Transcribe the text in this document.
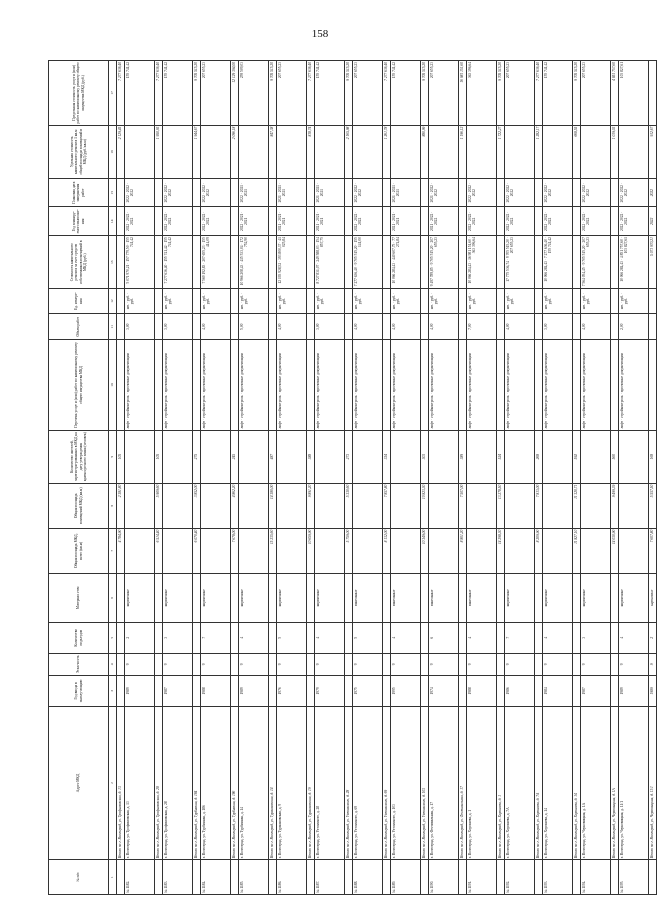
158
№ п/п	Адрес МКД	Год ввода в эксплу-атацию	Этаж-ность	Количество подъездов	Материал стен	Общая площадь МКД, всего (кв.м)	Общая площадь помещений МКД (кв.м)	Количество жителей, зарегистри-рованных в МКД на дату утверждения краткосрочного плана (человек)	Перечень услуг и (или) работ по капитальному ремонту общего имущества МКД	Объем работ	Ед. измере-ния	Стоимость капитального ремонта за счет средств собственников помещений в МКД (руб.)	Год планиру-емого выполне-ния	Плановая дата завершения работ	Удельная стоимость капитального ремонта 1 кв.м общей площади помещений в МКД (руб./кв.м)	Предельная стоимость услуг и (или) работ по капитальному ремонту общего имущества МКД (руб.)
1	2	3	4	5	6	7	8	9	10	11	12	13	14	15	16	17
	Итого по г. Волгоград, ул. Трофимовская, д. 13					4 784,90	2 381,80	105							2 129,45	7 277 636,40
№ 1182.	г. Волгоград, ул. Трофимовская, д. 13	1989	9	2	кирпичные				лифт · стройконтроль · проектные документации	3,00	шт. · руб. · руб.	5 071 970,21 · 157 779,50 · 155 741,42	2022 · 2022 · 2022	2022 · 2022 · 2022		155 741,42
	Итого по г. Волгоград, ул. Трофимовская, д. 28					6 514,40	5 909,60	105							1 950,93	7 277 636,40
№ 1183.	г. Волгоград, ул. Трофимовская, д. 28	1987	9	3	кирпичные				лифт · стройконтроль · проектные документации	3,00	шт. · руб. · руб.	7 277 636,40 · 155 741,42 · 155 741,42	2022 · 2022 · 2022	2022 · 2022 · 2022		155 741,42
	Итого по г. Волгоград, ул. Турбинная, д. 184					6 070,40	3 852,00	275							1 944,67	9 705 515,20
№ 1184.	г. Волгоград, ул. Турбинная, д. 186	1988	9	7	кирпичные				лифт · стройконтроль · проектные документации	4,00	шт. · руб. · руб.	7 569 192,83 · 207 655,23 · 155 414,09	2022 · 2022 · 2022	2022 · 2022 · 2022		207 655,23
	Итого по г. Волгоград, ул. Турбинная, д. 186					7 678,00	4 862,20	245							2 096,18	12 129 394,00
№ 1185.	г. Волгоград, ул. Турбинная, д. 14	1989	9	4	кирпичные				лифт · стройконтроль · проектные документации	5,00	шт. · руб. · руб.	10 966 208,43 · 415 533,04 · 172 752,90	2022 · 2021 · 2021	2022 · 2021 · 2021		259 509,03
	Итого по г. Волгоград, ул. Турмановская, д. 14					15 235,60	14 380,00	487							847,38	9 705 515,20
№ 1186.	г. Волгоград, ул. Турмановская, д. 9	1976	9	5	кирпичные				лифт · стройконтроль · проектные документации	4,00	шт. · руб. · руб.	12 193 928,52 · 393 800,37 · 41 025,84	2021 · 2021 · 2021	2021 · 2021 · 2021		207 655,23
	Итого по г. Волгоград, ул. Турмановская, д. 19					10 659,90	9 891,20	388							818,74	7 277 636,40
№ 1187.	г. Волгоград, ул. Ухтомского, д. 28	1979	9	4	кирпичные				лифт · стройконтроль · проектные документации	3,00	шт. · руб. · руб.	8 727 831,07 · 249 588,03 · 154 857,75	2021 · 2021 · 2021	2021 · 2021 · 2021		155 741,42
	Итого по г. Волгоград, ул. Ухтомского, д. 28					5 759,00	5 330,60	273							2 165,98	9 705 515,20
№ 1188.	г. Волгоград, ул. Ухтомского, д. 69	1975	9	5	панельные				лифт · стройконтроль · проектные документации	4,00	шт. · руб. · руб.	7 277 636,40 · 9 705 515,20 · 155 141,00	2022 · 2022 · 2022	2022 · 2022 · 2022		207 655,23
	Итого по г. Волгоград, ул. Ухтомского, д. 69					8 132,00	7 857,80	334							1 261,78	7 277 636,40
№ 1189.	г. Волгоград, ул. Ухтомского, д. 103	1995	9	4	панельные				лифт · стройконтроль · проектные документации	4,00	шт. · руб. · руб.	10 066 284,43 · 440 607,75 · 77 274,84	2021 · 2021 · 2021	2021 · 2021 · 2021		155 741,42
	Итого по г. Волгоград, ул. Ухтомского, д. 103					10 349,00	10 823,30	303							880,99	9 705 515,20
№ 1190.	г. Волгоград, ул. Фестивальная, д. 17	1974	9	6	панельные				лифт · стройконтроль · проектные документации	4,00	шт. · руб. · руб.	9 497 789,85 · 9 705 515,20 · 207 655,23	2021 · 2022 · 2022	2021 · 2022 · 2022		207 655,23
	Итого по г. Волгоград, ул. Фестивальная, д. 17					8 801,20	7 507,00	389							1 196,12	16 981 151,60
№ 1191.	г. Волгоград, ул. Хорошева, д. 1	1988	9	4	панельные				лифт · стройконтроль · проектные документации	7,00	шт. · руб. · руб.	10 066 284,43 · 16 981 151,60 · 363 396,64	2022 · 2022 · 2022	2022 · 2022 · 2022		363 396,64
	Итого по г. Волгоград, ул. Хорошева, д. 1					14 298,30	13 278,50	524							1 722,27	9 705 515,20
№ 1192.	г. Волгоград, ул. Хорошева, д. 7А	1986	9	7	кирпичные				лифт · стройконтроль · проектные документации	4,00	шт. · руб. · руб.	17 775 536,74 · 9 705 515,20 · 207 655,23	2022 · 2022 · 2022	2022 · 2022 · 2022		207 655,23
	Итого по г. Волгоград, ул. Хорошева, д. 7А					8 209,90	7 813,00	268							1 282,17	7 277 636,40
№ 1193.	г. Волгоград, ул. Хорошева, д. 14	1984	9	4	кирпичные				лифт · стройконтроль · проектные документации	3,00	шт. · руб. · руб.	10 066 284,43 · 7 277 636,40 · 155 741,42	2022 · 2022 · 2022	2022 · 2022 · 2022		155 741,42
	Итого по г. Волгоград, ул. Хорошева, д. 14					11 827,10	11 320,71	592							668,55	9 705 515,20
№ 1194.	г. Волгоград, ул. Черновицкая, д. 1А	1987	9	3	кирпичные				лифт · стройконтроль · проектные документации	4,00	шт. · руб. · руб.	7 564 054,45 · 9 705 515,20 · 207 655,23	2022 · 2022 · 2022	2022 · 2022 · 2022		207 655,23
	Итого по г. Волгоград, ул. Черновицкая, д. 1А					14 030,90	9 499,39	560							1 019,03	4 851 757,60
№ 1195.	г. Волгоград, ул. Черновицкая, д. 11/1	1989	9	4	кирпичные				лифт · стройконтроль · проектные документации	2,00	шт. · руб. · руб.	10 066 284,43 · 4 851 757,60 · 103 827,61	2022 · 2022 · 2022	2022 · 2022 · 2022		103 827,61
	Итого по г. Волгоград, ул. Черновицкая, д. 11/1	1989	9	2	кирпичные	7 607,80	5 557,50	168				5 071 970,21	2022	2022	912,67	
